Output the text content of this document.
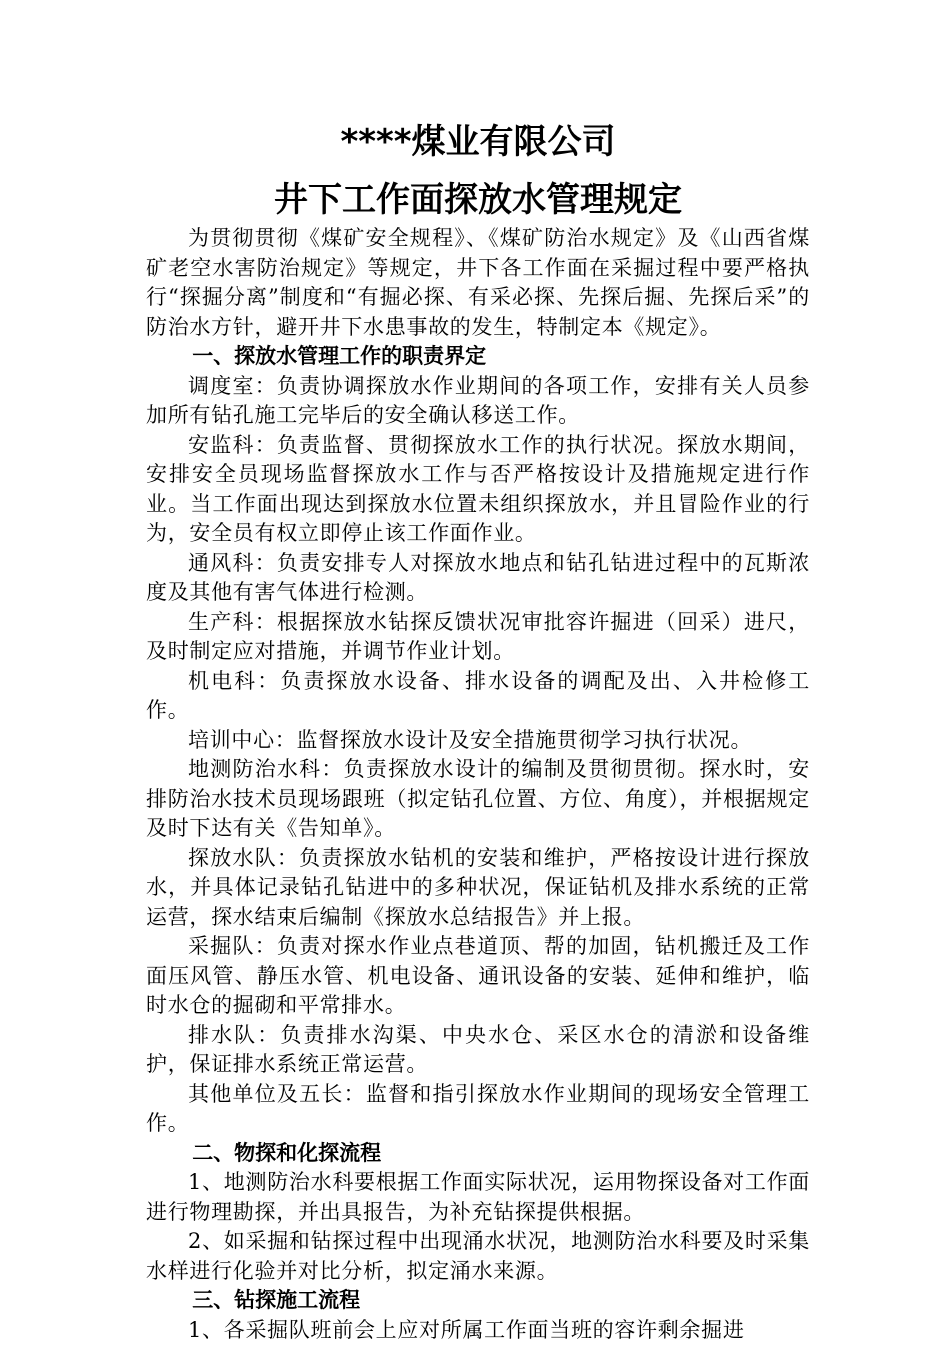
****煤业有限公司
井下工作面探放水管理规定

为贯彻贯彻《煤矿安全规程》、《煤矿防治水规定》及《山西省煤矿老空水害防治规定》等规定，井下各工作面在采掘过程中要严格执行“探掘分离”制度和“有掘必探、有采必探、先探后掘、先探后采”的防治水方针，避开井下水患事故的发生，特制定本《规定》。

一、探放水管理工作的职责界定

调度室：负责协调探放水作业期间的各项工作，安排有关人员参加所有钻孔施工完毕后的安全确认移送工作。

安监科：负责监督、贯彻探放水工作的执行状况。探放水期间，安排安全员现场监督探放水工作与否严格按设计及措施规定进行作业。当工作面出现达到探放水位置未组织探放水，并且冒险作业的行为，安全员有权立即停止该工作面作业。

通风科：负责安排专人对探放水地点和钻孔钻进过程中的瓦斯浓度及其他有害气体进行检测。

生产科：根据探放水钻探反馈状况审批容许掘进（回采）进尺，及时制定应对措施，并调节作业计划。

机电科：负责探放水设备、排水设备的调配及出、入井检修工作。

培训中心：监督探放水设计及安全措施贯彻学习执行状况。

地测防治水科：负责探放水设计的编制及贯彻贯彻。探水时，安排防治水技术员现场跟班（拟定钻孔位置、方位、角度），并根据规定及时下达有关《告知单》。

探放水队：负责探放水钻机的安装和维护，严格按设计进行探放水，并具体记录钻孔钻进中的多种状况，保证钻机及排水系统的正常运营，探水结束后编制《探放水总结报告》并上报。

采掘队：负责对探水作业点巷道顶、帮的加固，钻机搬迁及工作面压风管、静压水管、机电设备、通讯设备的安装、延伸和维护，临时水仓的掘砌和平常排水。

排水队：负责排水沟渠、中央水仓、采区水仓的清淤和设备维护，保证排水系统正常运营。

其他单位及五长：监督和指引探放水作业期间的现场安全管理工作。

二、物探和化探流程

1、地测防治水科要根据工作面实际状况，运用物探设备对工作面进行物理勘探，并出具报告，为补充钻探提供根据。

2、如采掘和钻探过程中出现涌水状况，地测防治水科要及时采集水样进行化验并对比分析，拟定涌水来源。

三、钻探施工流程

1、各采掘队班前会上应对所属工作面当班的容许剩余掘进
